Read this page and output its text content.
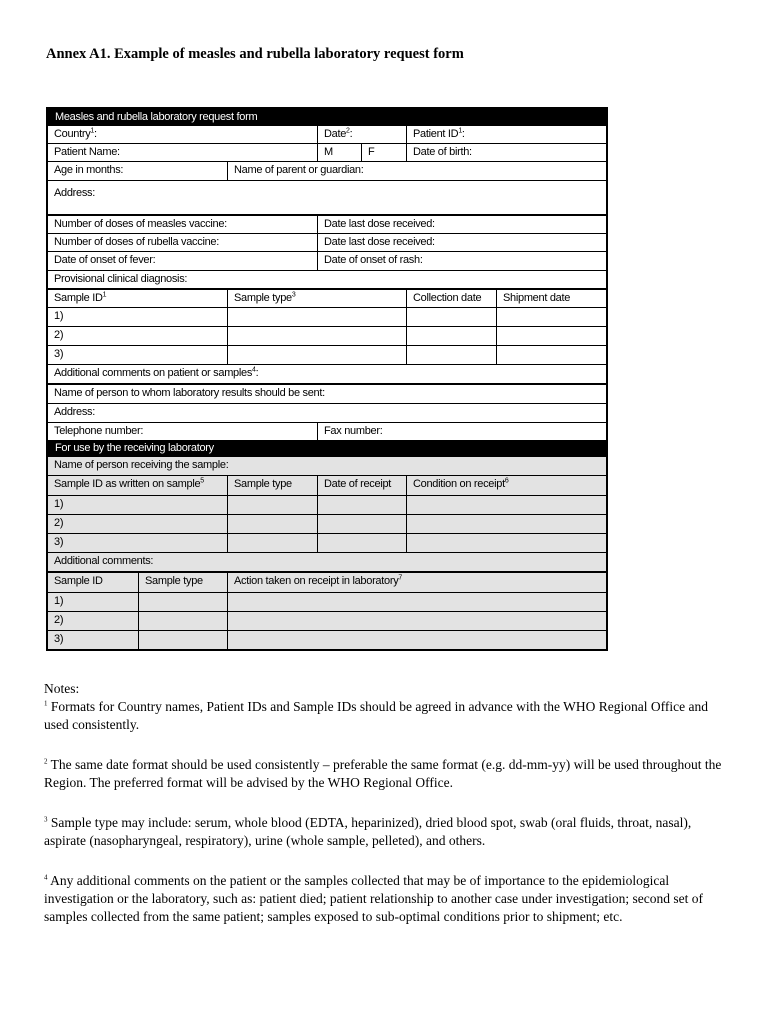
Annex A1. Example of measles and rubella laboratory request form
Measles and rubella laboratory request form
Country$^1$:	Date$^2$:	Patient $ID^1$:
Patient Name:	M	F	Date of birth:
Age in months:	Name of parent or guardian:
Address:
Number of doses of measles vaccine:	Date last dose received:
Number of doses of rubella vaccine:	Date last dose received:
Date of onset of fever:	Date of onset of rash:
Provisional clinical diagnosis:
Sample $ID^1$	Sample type$^3$	Collection date	Shipment date
1)
2)
3)
Additional comments on patient or samples$^4$:
Name of person to whom laboratory results should be sent:
Address:
Telephone number:	Fax number:
For use by the receiving laboratory
Name of person receiving the sample:
Sample ID as written on sample$^5$	Sample type	Date of receipt	Condition on receipt$^6$
1)
2)
3)
Additional comments:
Sample ID	Sample type	Action taken on receipt in laboratory$^7$
1)
2)
3)

Notes:

$^1$ Formats for Country names, Patient IDs and Sample IDs should be agreed in advance with the WHO Regional Office and used consistently.

$^2$ The same date format should be used consistently – preferable the same format (e.g. dd-mm-yy) will be used throughout the Region. The preferred format will be advised by the WHO Regional Office.

$^3$ Sample type may include: serum, whole blood (EDTA, heparinized), dried blood spot, swab (oral fluids, throat, nasal), aspirate (nasopharyngeal, respiratory), urine (whole sample, pelleted), and others.

$^4$ Any additional comments on the patient or the samples collected that may be of importance to the epidemiological investigation or the laboratory, such as: patient died; patient relationship to another case under investigation; second set of samples collected from the same patient; samples exposed to sub-optimal conditions prior to shipment; etc.
